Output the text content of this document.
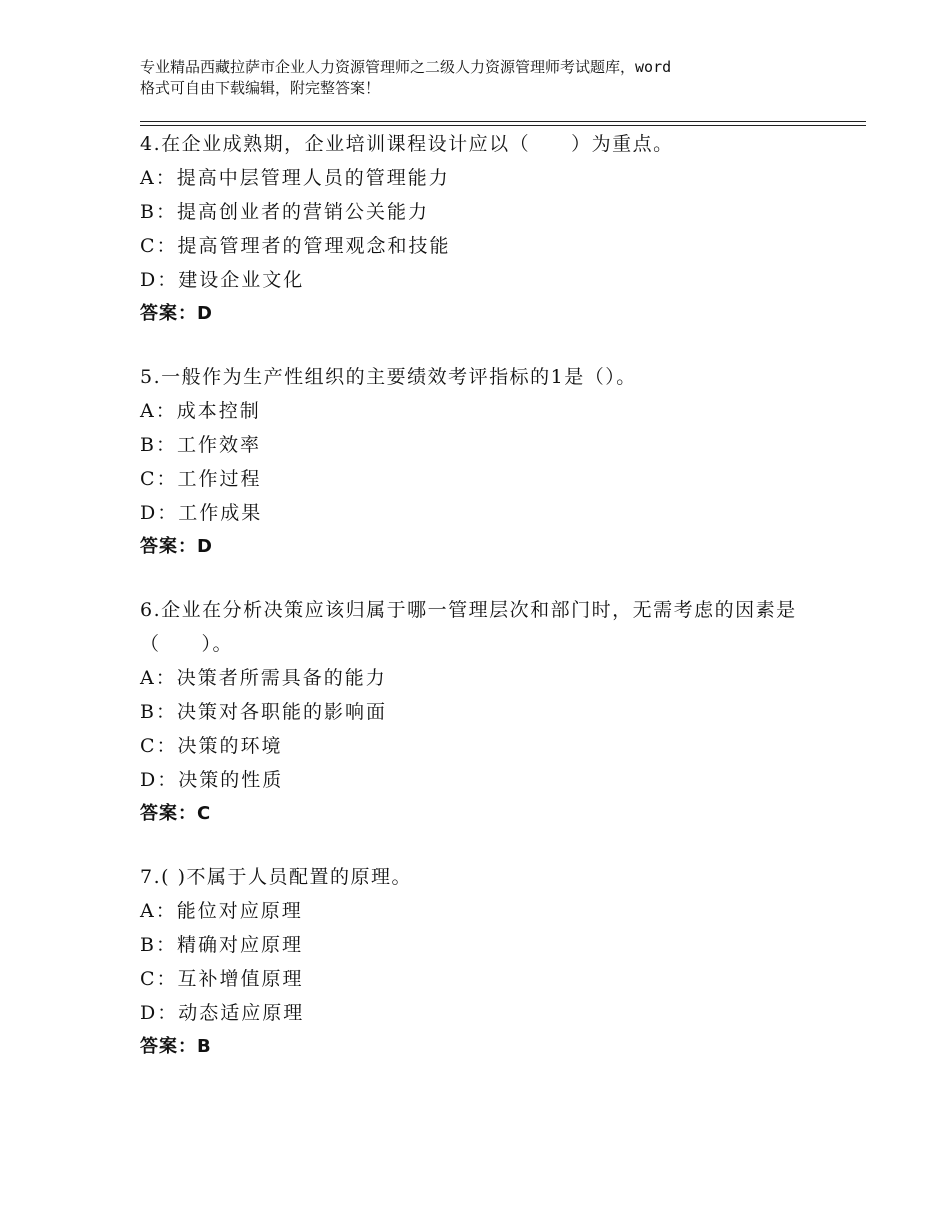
专业精品西藏拉萨市企业人力资源管理师之二级人力资源管理师考试题库，word
格式可自由下载编辑，附完整答案！
4.在企业成熟期，企业培训课程设计应以（　　）为重点。
A：提高中层管理人员的管理能力
B：提高创业者的营销公关能力
C：提高管理者的管理观念和技能
D：建设企业文化
答案：D
5.一般作为生产性组织的主要绩效考评指标的1是（）。
A：成本控制
B：工作效率
C：工作过程
D：工作成果
答案：D
6.企业在分析决策应该归属于哪一管理层次和部门时，无需考虑的因素是（　　）。
A：决策者所需具备的能力
B：决策对各职能的影响面
C：决策的环境
D：决策的性质
答案：C
7.( )不属于人员配置的原理。
A：能位对应原理
B：精确对应原理
C：互补增值原理
D：动态适应原理
答案：B
